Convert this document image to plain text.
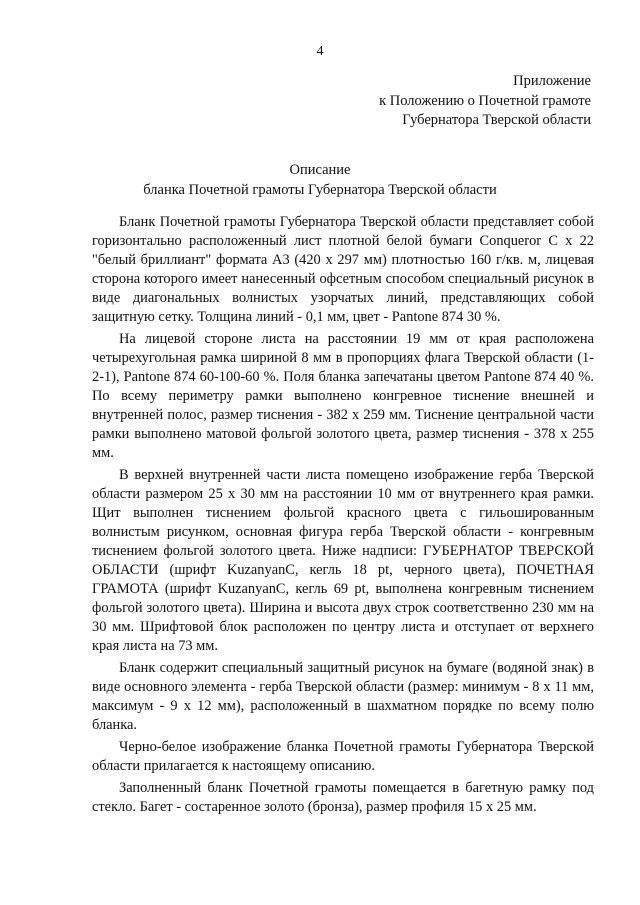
4
Приложение
к Положению о Почетной грамоте
Губернатора Тверской области
Описание
бланка Почетной грамоты Губернатора Тверской области

Бланк Почетной грамоты Губернатора Тверской области представляет собой горизонтально расположенный лист плотной белой бумаги Conqueror С х 22 "белый бриллиант" формата А3 (420 х 297 мм) плотностью 160 г/кв. м, лицевая сторона которого имеет нанесенный офсетным способом специальный рисунок в виде диагональных волнистых узорчатых линий, представляющих собой защитную сетку. Толщина линий - 0,1 мм, цвет - Pantone 874 30 %.

На лицевой стороне листа на расстоянии 19 мм от края расположена четырехугольная рамка шириной 8 мм в пропорциях флага Тверской области (1-2-1), Pantone 874 60-100-60 %. Поля бланка запечатаны цветом Pantone 874 40 %. По всему периметру рамки выполнено конгревное тиснение внешней и внутренней полос, размер тиснения - 382 х 259 мм. Тиснение центральной части рамки выполнено матовой фольгой золотого цвета, размер тиснения - 378 х 255 мм.

В верхней внутренней части листа помещено изображение герба Тверской области размером 25 х 30 мм на расстоянии 10 мм от внутреннего края рамки. Щит выполнен тиснением фольгой красного цвета с гильошированным волнистым рисунком, основная фигура герба Тверской области - конгревным тиснением фольгой золотого цвета. Ниже надписи: ГУБЕРНАТОР ТВЕРСКОЙ ОБЛАСТИ (шрифт KuzanyanC, кегль 18 pt, черного цвета), ПОЧЕТНАЯ ГРАМОТА (шрифт KuzanyanC, кегль 69 pt, выполнена конгревным тиснением фольгой золотого цвета). Ширина и высота двух строк соответственно 230 мм на 30 мм. Шрифтовой блок расположен по центру листа и отступает от верхнего края листа на 73 мм.

Бланк содержит специальный защитный рисунок на бумаге (водяной знак) в виде основного элемента - герба Тверской области (размер: минимум - 8 х 11 мм, максимум - 9 х 12 мм), расположенный в шахматном порядке по всему полю бланка.

Черно-белое изображение бланка Почетной грамоты Губернатора Тверской области прилагается к настоящему описанию.

Заполненный бланк Почетной грамоты помещается в багетную рамку под стекло. Багет - состаренное золото (бронза), размер профиля 15 х 25 мм.
